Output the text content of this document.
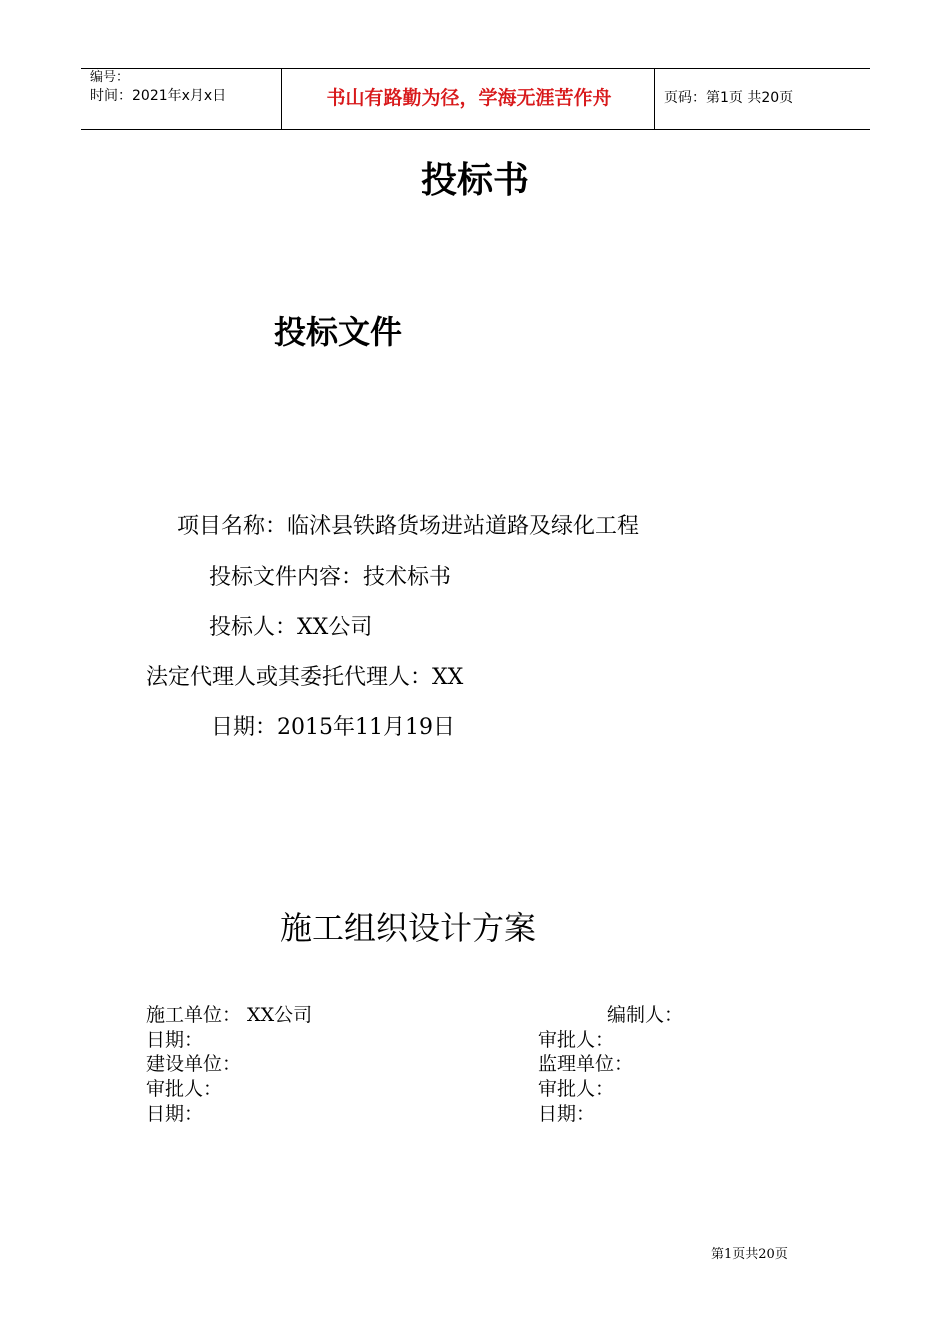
编号：
时间：2021年x月x日	书山有路勤为径，学海无涯苦作舟	页码：第1页 共20页
投标书
投标文件
项目名称：临沭县铁路货场进站道路及绿化工程
投标文件内容：技术标书
投标人：XX公司
法定代理人或其委托代理人：XX
日期：2015年11月19日
施工组织设计方案
施工单位： XX公司
日期：
建设单位：
审批人：
日期：
编制人：
审批人：
监理单位：
审批人：
日期：
第1页共20页
